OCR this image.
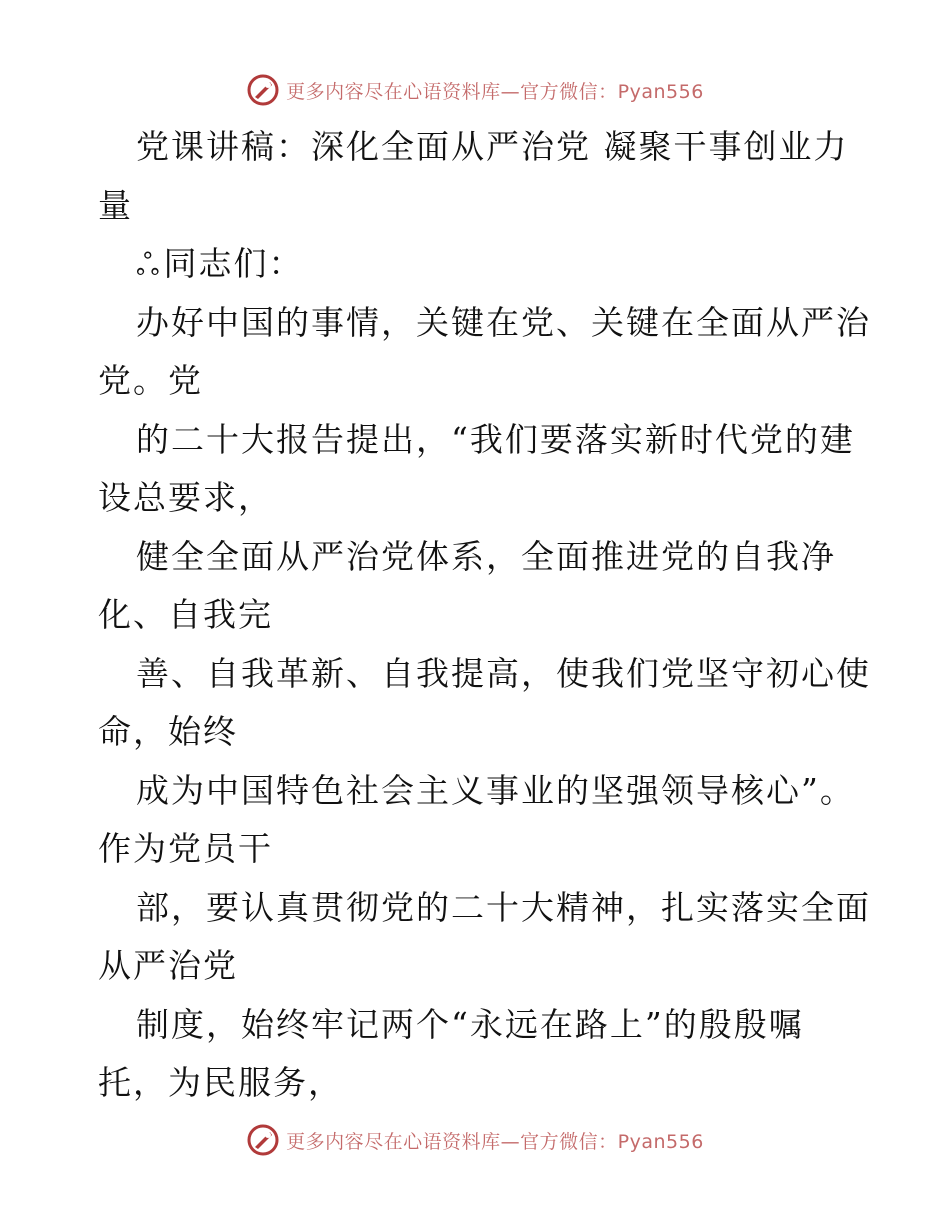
更多内容尽在心语资料库—官方微信：Pyan556
党课讲稿：深化全面从严治党 凝聚干事创业力
量
ஃ同志们：
办好中国的事情，关键在党、关键在全面从严治
党。党
的二十大报告提出，“我们要落实新时代党的建
设总要求，
健全全面从严治党体系，全面推进党的自我净
化、自我完
善、自我革新、自我提高，使我们党坚守初心使
命，始终
成为中国特色社会主义事业的坚强领导核心”。
作为党员干
部，要认真贯彻党的二十大精神，扎实落实全面
从严治党
制度，始终牢记两个“永远在路上”的殷殷嘱
托，为民服务，
更多内容尽在心语资料库—官方微信：Pyan556
